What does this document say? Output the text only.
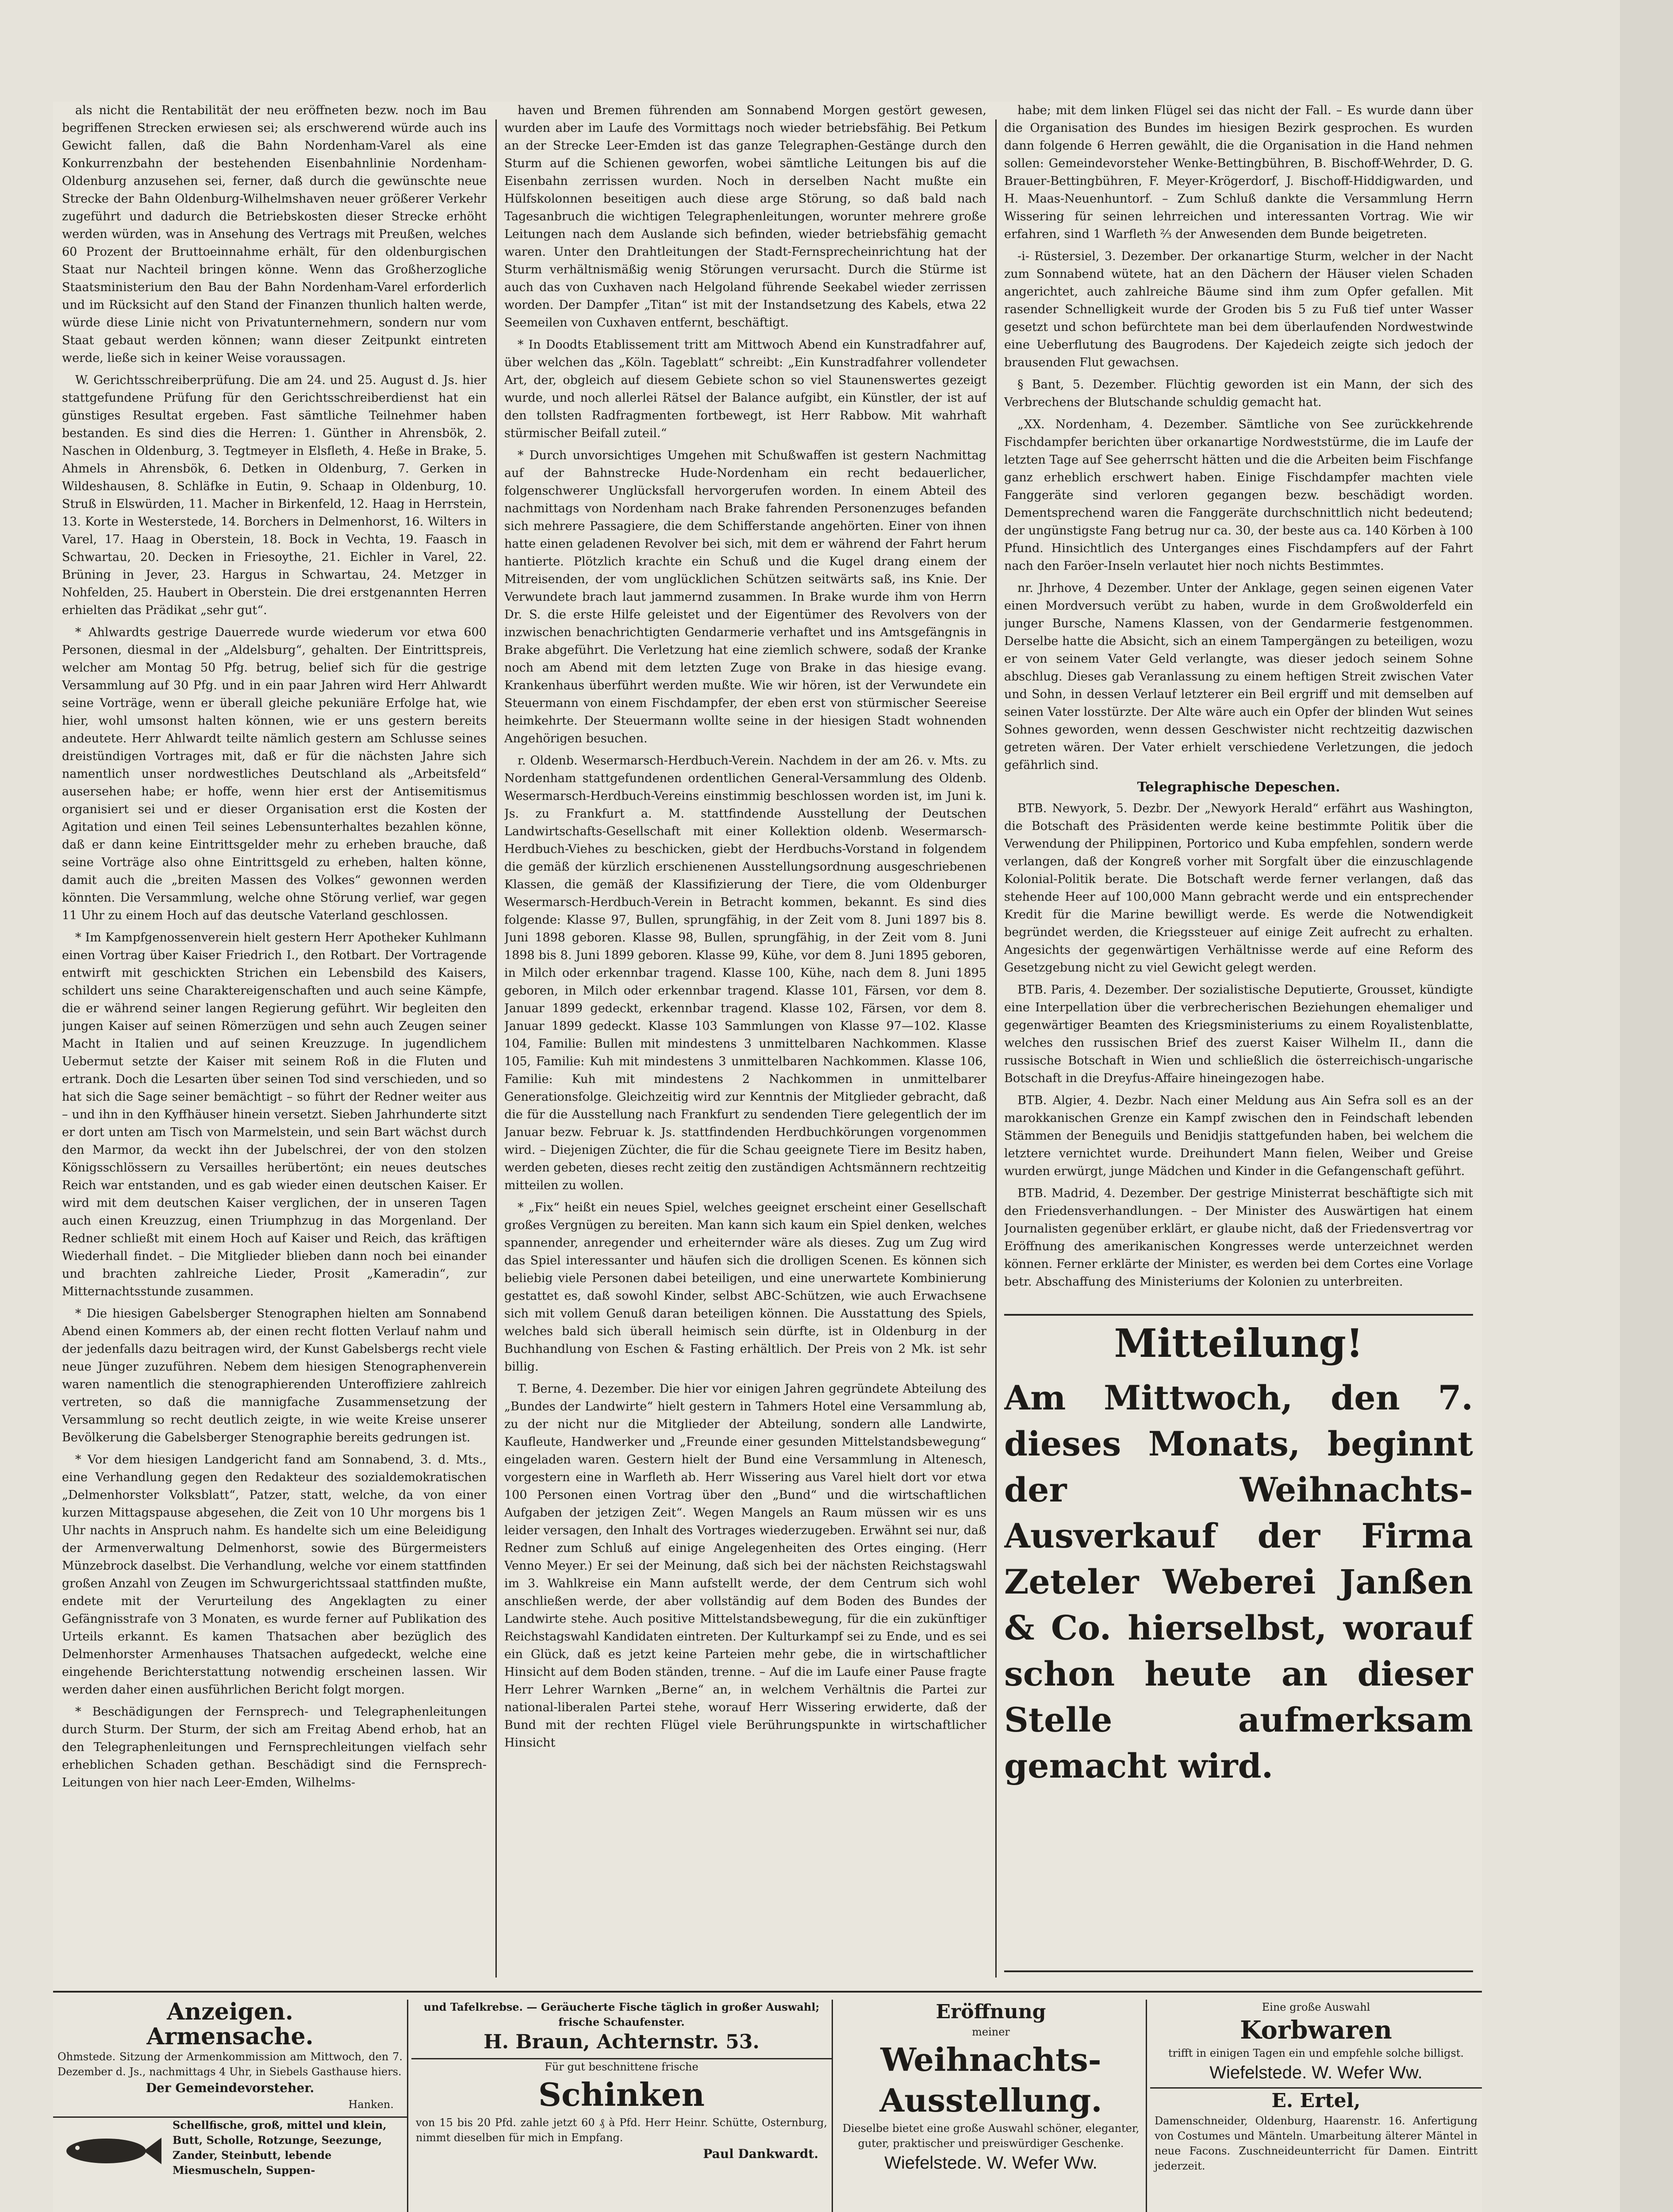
als nicht die Rentabilität der neu eröffneten bezw. noch im Bau begriffenen Strecken erwiesen sei; als erschwerend würde auch ins Gewicht fallen, daß die Bahn Nordenham-Varel als eine Konkurrenzbahn der bestehenden Eisenbahnlinie Nordenham-Oldenburg anzusehen sei, ferner, daß durch die gewünschte neue Strecke der Bahn Oldenburg-Wilhelmshaven neuer größerer Verkehr zugeführt und dadurch die Betriebskosten dieser Strecke erhöht werden würden, was in Ansehung des Vertrags mit Preußen, welches 60 Prozent der Bruttoeinnahme erhält, für den oldenburgischen Staat nur Nachteil bringen könne. Wenn das Großherzogliche Staatsministerium den Bau der Bahn Nordenham-Varel erforderlich und im Rücksicht auf den Stand der Finanzen thunlich halten werde, würde diese Linie nicht von Privatunternehmern, sondern nur vom Staat gebaut werden können; wann dieser Zeitpunkt eintreten werde, ließe sich in keiner Weise voraussagen.

W. Gerichtsschreiberprüfung. Die am 24. und 25. August d. Js. hier stattgefundene Prüfung für den Gerichtsschreiberdienst hat ein günstiges Resultat ergeben. Fast sämtliche Teilnehmer haben bestanden. Es sind dies die Herren: 1. Günther in Ahrensbök, 2. Naschen in Oldenburg, 3. Tegtmeyer in Elsfleth, 4. Heße in Brake, 5. Ahmels in Ahrensbök, 6. Detken in Oldenburg, 7. Gerken in Wildeshausen, 8. Schläfke in Eutin, 9. Schaap in Oldenburg, 10. Struß in Elswürden, 11. Macher in Birkenfeld, 12. Haag in Herrstein, 13. Korte in Westerstede, 14. Borchers in Delmenhorst, 16. Wilters in Varel, 17. Haag in Oberstein, 18. Bock in Vechta, 19. Faasch in Schwartau, 20. Decken in Friesoythe, 21. Eichler in Varel, 22. Brüning in Jever, 23. Hargus in Schwartau, 24. Metzger in Nohfelden, 25. Haubert in Oberstein. Die drei erstgenannten Herren erhielten das Prädikat „sehr gut“.

* Ahlwardts gestrige Dauerrede wurde wiederum vor etwa 600 Personen, diesmal in der „Aldelsburg“, gehalten. Der Eintrittspreis, welcher am Montag 50 Pfg. betrug, belief sich für die gestrige Versammlung auf 30 Pfg. und in ein paar Jahren wird Herr Ahlwardt seine Vorträge, wenn er überall gleiche pekuniäre Erfolge hat, wie hier, wohl umsonst halten können, wie er uns gestern bereits andeutete. Herr Ahlwardt teilte nämlich gestern am Schlusse seines dreistündigen Vortrages mit, daß er für die nächsten Jahre sich namentlich unser nordwestliches Deutschland als „Arbeitsfeld“ ausersehen habe; er hoffe, wenn hier erst der Antisemitismus organisiert sei und er dieser Organisation erst die Kosten der Agitation und einen Teil seines Lebensunterhaltes bezahlen könne, daß er dann keine Eintrittsgelder mehr zu erheben brauche, daß seine Vorträge also ohne Eintrittsgeld zu erheben, halten könne, damit auch die „breiten Massen des Volkes“ gewonnen werden könnten. Die Versammlung, welche ohne Störung verlief, war gegen 11 Uhr zu einem Hoch auf das deutsche Vaterland geschlossen.

* Im Kampfgenossenverein hielt gestern Herr Apotheker Kuhlmann einen Vortrag über Kaiser Friedrich I., den Rotbart. Der Vortragende entwirft mit geschickten Strichen ein Lebensbild des Kaisers, schildert uns seine Charaktereigenschaften und auch seine Kämpfe, die er während seiner langen Regierung geführt. Wir begleiten den jungen Kaiser auf seinen Römerzügen und sehn auch Zeugen seiner Macht in Italien und auf seinen Kreuzzuge. In jugendlichem Uebermut setzte der Kaiser mit seinem Roß in die Fluten und ertrank. Doch die Lesarten über seinen Tod sind verschieden, und so hat sich die Sage seiner bemächtigt – so führt der Redner weiter aus – und ihn in den Kyffhäuser hinein versetzt. Sieben Jahrhunderte sitzt er dort unten am Tisch von Marmelstein, und sein Bart wächst durch den Marmor, da weckt ihn der Jubelschrei, der von den stolzen Königsschlössern zu Versailles herübertönt; ein neues deutsches Reich war entstanden, und es gab wieder einen deutschen Kaiser. Er wird mit dem deutschen Kaiser verglichen, der in unseren Tagen auch einen Kreuzzug, einen Triumphzug in das Morgenland. Der Redner schließt mit einem Hoch auf Kaiser und Reich, das kräftigen Wiederhall findet. – Die Mitglieder blieben dann noch bei einander und brachten zahlreiche Lieder, Prosit „Kameradin“, zur Mitternachtsstunde zusammen.

* Die hiesigen Gabelsberger Stenographen hielten am Sonnabend Abend einen Kommers ab, der einen recht flotten Verlauf nahm und der jedenfalls dazu beitragen wird, der Kunst Gabelsbergs recht viele neue Jünger zuzuführen. Nebem dem hiesigen Stenographenverein waren namentlich die stenographierenden Unteroffiziere zahlreich vertreten, so daß die mannigfache Zusammensetzung der Versammlung so recht deutlich zeigte, in wie weite Kreise unserer Bevölkerung die Gabelsberger Stenographie bereits gedrungen ist.

* Vor dem hiesigen Landgericht fand am Sonnabend, 3. d. Mts., eine Verhandlung gegen den Redakteur des sozialdemokratischen „Delmenhorster Volksblatt“, Patzer, statt, welche, da von einer kurzen Mittagspause abgesehen, die Zeit von 10 Uhr morgens bis 1 Uhr nachts in Anspruch nahm. Es handelte sich um eine Beleidigung der Armenverwaltung Delmenhorst, sowie des Bürgermeisters Münzebrock daselbst. Die Verhandlung, welche vor einem stattfinden großen Anzahl von Zeugen im Schwurgerichtssaal stattfinden mußte, endete mit der Verurteilung des Angeklagten zu einer Gefängnisstrafe von 3 Monaten, es wurde ferner auf Publikation des Urteils erkannt. Es kamen Thatsachen aber bezüglich des Delmenhorster Armenhauses Thatsachen aufgedeckt, welche eine eingehende Berichterstattung notwendig erscheinen lassen. Wir werden daher einen ausführlichen Bericht folgt morgen.

* Beschädigungen der Fernsprech- und Telegraphenleitungen durch Sturm. Der Sturm, der sich am Freitag Abend erhob, hat an den Telegraphenleitungen und Fernsprechleitungen vielfach sehr erheblichen Schaden gethan. Beschädigt sind die Fernsprech-Leitungen von hier nach Leer-Emden, Wilhelms-

haven und Bremen führenden am Sonnabend Morgen gestört gewesen, wurden aber im Laufe des Vormittags noch wieder betriebsfähig. Bei Petkum an der Strecke Leer-Emden ist das ganze Telegraphen-Gestänge durch den Sturm auf die Schienen geworfen, wobei sämtliche Leitungen bis auf die Eisenbahn zerrissen wurden. Noch in derselben Nacht mußte ein Hülfskolonnen beseitigen auch diese arge Störung, so daß bald nach Tagesanbruch die wichtigen Telegraphenleitungen, worunter mehrere große Leitungen nach dem Auslande sich befinden, wieder betriebsfähig gemacht waren. Unter den Drahtleitungen der Stadt-Fernsprecheinrichtung hat der Sturm verhältnismäßig wenig Störungen verursacht. Durch die Stürme ist auch das von Cuxhaven nach Helgoland führende Seekabel wieder zerrissen worden. Der Dampfer „Titan“ ist mit der Instandsetzung des Kabels, etwa 22 Seemeilen von Cuxhaven entfernt, beschäftigt.

* In Doodts Etablissement tritt am Mittwoch Abend ein Kunstradfahrer auf, über welchen das „Köln. Tageblatt“ schreibt: „Ein Kunstradfahrer vollendeter Art, der, obgleich auf diesem Gebiete schon so viel Staunenswertes gezeigt wurde, und noch allerlei Rätsel der Balance aufgibt, ein Künstler, der ist auf den tollsten Radfragmenten fortbewegt, ist Herr Rabbow. Mit wahrhaft stürmischer Beifall zuteil.“

* Durch unvorsichtiges Umgehen mit Schußwaffen ist gestern Nachmittag auf der Bahnstrecke Hude-Nordenham ein recht bedauerlicher, folgenschwerer Unglücksfall hervorgerufen worden. In einem Abteil des nachmittags von Nordenham nach Brake fahrenden Personenzuges befanden sich mehrere Passagiere, die dem Schifferstande angehörten. Einer von ihnen hatte einen geladenen Revolver bei sich, mit dem er während der Fahrt herum hantierte. Plötzlich krachte ein Schuß und die Kugel drang einem der Mitreisenden, der vom unglücklichen Schützen seitwärts saß, ins Knie. Der Verwundete brach laut jammernd zusammen. In Brake wurde ihm von Herrn Dr. S. die erste Hilfe geleistet und der Eigentümer des Revolvers von der inzwischen benachrichtigten Gendarmerie verhaftet und ins Amtsgefängnis in Brake abgeführt. Die Verletzung hat eine ziemlich schwere, sodaß der Kranke noch am Abend mit dem letzten Zuge von Brake in das hiesige evang. Krankenhaus überführt werden mußte. Wie wir hören, ist der Verwundete ein Steuermann von einem Fischdampfer, der eben erst von stürmischer Seereise heimkehrte. Der Steuermann wollte seine in der hiesigen Stadt wohnenden Angehörigen besuchen.

r. Oldenb. Wesermarsch-Herdbuch-Verein. Nachdem in der am 26. v. Mts. zu Nordenham stattgefundenen ordentlichen General-Versammlung des Oldenb. Wesermarsch-Herdbuch-Vereins einstimmig beschlossen worden ist, im Juni k. Js. zu Frankfurt a. M. stattfindende Ausstellung der Deutschen Landwirtschafts-Gesellschaft mit einer Kollektion oldenb. Wesermarsch-Herdbuch-Viehes zu beschicken, giebt der Herdbuchs-Vorstand in folgendem die gemäß der kürzlich erschienenen Ausstellungsordnung ausgeschriebenen Klassen, die gemäß der Klassifizierung der Tiere, die vom Oldenburger Wesermarsch-Herdbuch-Verein in Betracht kommen, bekannt. Es sind dies folgende: Klasse 97, Bullen, sprungfähig, in der Zeit vom 8. Juni 1897 bis 8. Juni 1898 geboren. Klasse 98, Bullen, sprungfähig, in der Zeit vom 8. Juni 1898 bis 8. Juni 1899 geboren. Klasse 99, Kühe, vor dem 8. Juni 1895 geboren, in Milch oder erkennbar tragend. Klasse 100, Kühe, nach dem 8. Juni 1895 geboren, in Milch oder erkennbar tragend. Klasse 101, Färsen, vor dem 8. Januar 1899 gedeckt, erkennbar tragend. Klasse 102, Färsen, vor dem 8. Januar 1899 gedeckt. Klasse 103 Sammlungen von Klasse 97—102. Klasse 104, Familie: Bullen mit mindestens 3 unmittelbaren Nachkommen. Klasse 105, Familie: Kuh mit mindestens 3 unmittelbaren Nachkommen. Klasse 106, Familie: Kuh mit mindestens 2 Nachkommen in unmittelbarer Generationsfolge. Gleichzeitig wird zur Kenntnis der Mitglieder gebracht, daß die für die Ausstellung nach Frankfurt zu sendenden Tiere gelegentlich der im Januar bezw. Februar k. Js. stattfindenden Herdbuchkörungen vorgenommen wird. – Diejenigen Züchter, die für die Schau geeignete Tiere im Besitz haben, werden gebeten, dieses recht zeitig den zuständigen Achtsmännern rechtzeitig mitteilen zu wollen.

* „Fix“ heißt ein neues Spiel, welches geeignet erscheint einer Gesellschaft großes Vergnügen zu bereiten. Man kann sich kaum ein Spiel denken, welches spannender, anregender und erheiternder wäre als dieses. Zug um Zug wird das Spiel interessanter und häufen sich die drolligen Scenen. Es können sich beliebig viele Personen dabei beteiligen, und eine unerwartete Kombinierung gestattet es, daß sowohl Kinder, selbst ABC-Schützen, wie auch Erwachsene sich mit vollem Genuß daran beteiligen können. Die Ausstattung des Spiels, welches bald sich überall heimisch sein dürfte, ist in Oldenburg in der Buchhandlung von Eschen & Fasting erhältlich. Der Preis von 2 Mk. ist sehr billig.

T. Berne, 4. Dezember. Die hier vor einigen Jahren gegründete Abteilung des „Bundes der Landwirte“ hielt gestern in Tahmers Hotel eine Versammlung ab, zu der nicht nur die Mitglieder der Abteilung, sondern alle Landwirte, Kaufleute, Handwerker und „Freunde einer gesunden Mittelstandsbewegung“ eingeladen waren. Gestern hielt der Bund eine Versammlung in Altenesch, vorgestern eine in Warfleth ab. Herr Wissering aus Varel hielt dort vor etwa 100 Personen einen Vortrag über den „Bund“ und die wirtschaftlichen Aufgaben der jetzigen Zeit“. Wegen Mangels an Raum müssen wir es uns leider versagen, den Inhalt des Vortrages wiederzugeben. Erwähnt sei nur, daß Redner zum Schluß auf einige Angelegenheiten des Ortes einging. (Herr Venno Meyer.) Er sei der Meinung, daß sich bei der nächsten Reichstagswahl im 3. Wahlkreise ein Mann aufstellt werde, der dem Centrum sich wohl anschließen werde, der aber vollständig auf dem Boden des Bundes der Landwirte stehe. Auch positive Mittelstandsbewegung, für die ein zukünftiger Reichstagswahl Kandidaten eintreten. Der Kulturkampf sei zu Ende, und es sei ein Glück, daß es jetzt keine Parteien mehr gebe, die in wirtschaftlicher Hinsicht auf dem Boden ständen, trenne. – Auf die im Laufe einer Pause fragte Herr Lehrer Warnken „Berne“ an, in welchem Verhältnis die Partei zur national-liberalen Partei stehe, worauf Herr Wissering erwiderte, daß der Bund mit der rechten Flügel viele Berührungspunkte in wirtschaftlicher Hinsicht

habe; mit dem linken Flügel sei das nicht der Fall. – Es wurde dann über die Organisation des Bundes im hiesigen Bezirk gesprochen. Es wurden dann folgende 6 Herren gewählt, die die Organisation in die Hand nehmen sollen: Gemeindevorsteher Wenke-Bettingbühren, B. Bischoff-Wehrder, D. G. Brauer-Bettingbühren, F. Meyer-Krögerdorf, J. Bischoff-Hiddigwarden, und H. Maas-Neuenhuntorf. – Zum Schluß dankte die Versammlung Herrn Wissering für seinen lehrreichen und interessanten Vortrag. Wie wir erfahren, sind 1 Warfleth ⅔ der Anwesenden dem Bunde beigetreten.

-i- Rüstersiel, 3. Dezember. Der orkanartige Sturm, welcher in der Nacht zum Sonnabend wütete, hat an den Dächern der Häuser vielen Schaden angerichtet, auch zahlreiche Bäume sind ihm zum Opfer gefallen. Mit rasender Schnelligkeit wurde der Groden bis 5 zu Fuß tief unter Wasser gesetzt und schon befürchtete man bei dem überlaufenden Nordwestwinde eine Ueberflutung des Baugrodens. Der Kajedeich zeigte sich jedoch der brausenden Flut gewachsen.

§ Bant, 5. Dezember. Flüchtig geworden ist ein Mann, der sich des Verbrechens der Blutschande schuldig gemacht hat.

„XX. Nordenham, 4. Dezember. Sämtliche von See zurückkehrende Fischdampfer berichten über orkanartige Nordweststürme, die im Laufe der letzten Tage auf See geherrscht hätten und die die Arbeiten beim Fischfange ganz erheblich erschwert haben. Einige Fischdampfer machten viele Fanggeräte sind verloren gegangen bezw. beschädigt worden. Dementsprechend waren die Fanggeräte durchschnittlich nicht bedeutend; der ungünstigste Fang betrug nur ca. 30, der beste aus ca. 140 Körben à 100 Pfund. Hinsichtlich des Unterganges eines Fischdampfers auf der Fahrt nach den Faröer-Inseln verlautet hier noch nichts Bestimmtes.

nr. Jhrhove, 4 Dezember. Unter der Anklage, gegen seinen eigenen Vater einen Mordversuch verübt zu haben, wurde in dem Großwolderfeld ein junger Bursche, Namens Klassen, von der Gendarmerie festgenommen. Derselbe hatte die Absicht, sich an einem Tampergängen zu beteiligen, wozu er von seinem Vater Geld verlangte, was dieser jedoch seinem Sohne abschlug. Dieses gab Veranlassung zu einem heftigen Streit zwischen Vater und Sohn, in dessen Verlauf letzterer ein Beil ergriff und mit demselben auf seinen Vater losstürzte. Der Alte wäre auch ein Opfer der blinden Wut seines Sohnes geworden, wenn dessen Geschwister nicht rechtzeitig dazwischen getreten wären. Der Vater erhielt verschiedene Verletzungen, die jedoch gefährlich sind.

Telegraphische Depeschen.

BTB. Newyork, 5. Dezbr. Der „Newyork Herald“ erfährt aus Washington, die Botschaft des Präsidenten werde keine bestimmte Politik über die Verwendung der Philippinen, Portorico und Kuba empfehlen, sondern werde verlangen, daß der Kongreß vorher mit Sorgfalt über die einzuschlagende Kolonial-Politik berate. Die Botschaft werde ferner verlangen, daß das stehende Heer auf 100,000 Mann gebracht werde und ein entsprechender Kredit für die Marine bewilligt werde. Es werde die Notwendigkeit begründet werden, die Kriegssteuer auf einige Zeit aufrecht zu erhalten. Angesichts der gegenwärtigen Verhältnisse werde auf eine Reform des Gesetzgebung nicht zu viel Gewicht gelegt werden.

BTB. Paris, 4. Dezember. Der sozialistische Deputierte, Grousset, kündigte eine Interpellation über die verbrecherischen Beziehungen ehemaliger und gegenwärtiger Beamten des Kriegsministeriums zu einem Royalistenblatte, welches den russischen Brief des zuerst Kaiser Wilhelm II., dann die russische Botschaft in Wien und schließlich die österreichisch-ungarische Botschaft in die Dreyfus-Affaire hineingezogen habe.

BTB. Algier, 4. Dezbr. Nach einer Meldung aus Ain Sefra soll es an der marokkanischen Grenze ein Kampf zwischen den in Feindschaft lebenden Stämmen der Beneguils und Benidjis stattgefunden haben, bei welchem die letztere vernichtet wurde. Dreihundert Mann fielen, Weiber und Greise wurden erwürgt, junge Mädchen und Kinder in die Gefangenschaft geführt.

BTB. Madrid, 4. Dezember. Der gestrige Ministerrat beschäftigte sich mit den Friedensverhandlungen. – Der Minister des Auswärtigen hat einem Journalisten gegenüber erklärt, er glaube nicht, daß der Friedensvertrag vor Eröffnung des amerikanischen Kongresses werde unterzeichnet werden können. Ferner erklärte der Minister, es werden bei dem Cortes eine Vorlage betr. Abschaffung des Ministeriums der Kolonien zu unterbreiten.

Mitteilung!
Am Mittwoch, den 7. dieses Monats, beginnt der Weihnachts-Ausverkauf der Firma Zeteler Weberei Janßen & Co. hierselbst, worauf schon heute an dieser Stelle aufmerksam gemacht wird.
Anzeigen.
Armensache.
Ohmstede. Sitzung der Armenkommission am Mittwoch, den 7. Dezember d. Js., nachmittags 4 Uhr, in Siebels Gasthause hiers.
Der Gemeindevorsteher.
Hanken.
Schellfische, groß, mittel und klein, Butt, Scholle, Rotzunge, Seezunge, Zander, Steinbutt, lebende Miesmuscheln, Suppen-
und Tafelkrebse. — Geräucherte Fische täglich in großer Auswahl; frische Schaufenster.
H. Braun, Achternstr. 53.
Für gut beschnittene frische
Schinken
von 15 bis 20 Pfd. zahle jetzt 60 ₰ à Pfd. Herr Heinr. Schütte, Osternburg, nimmt dieselben für mich in Empfang.
Paul Dankwardt.
Eröffnung
meiner
Weihnachts-
Ausstellung.
Dieselbe bietet eine große Auswahl schöner, eleganter, guter, praktischer und preiswürdiger Geschenke.
Wiefelstede. W. Wefer Ww.
Eine große Auswahl
Korbwaren
trifft in einigen Tagen ein und empfehle solche billigst.
Wiefelstede. W. Wefer Ww.
E. Ertel,
Damenschneider, Oldenburg, Haarenstr. 16. Anfertigung von Costumes und Mänteln. Umarbeitung älterer Mäntel in neue Facons. Zuschneideunterricht für Damen. Eintritt jederzeit.
